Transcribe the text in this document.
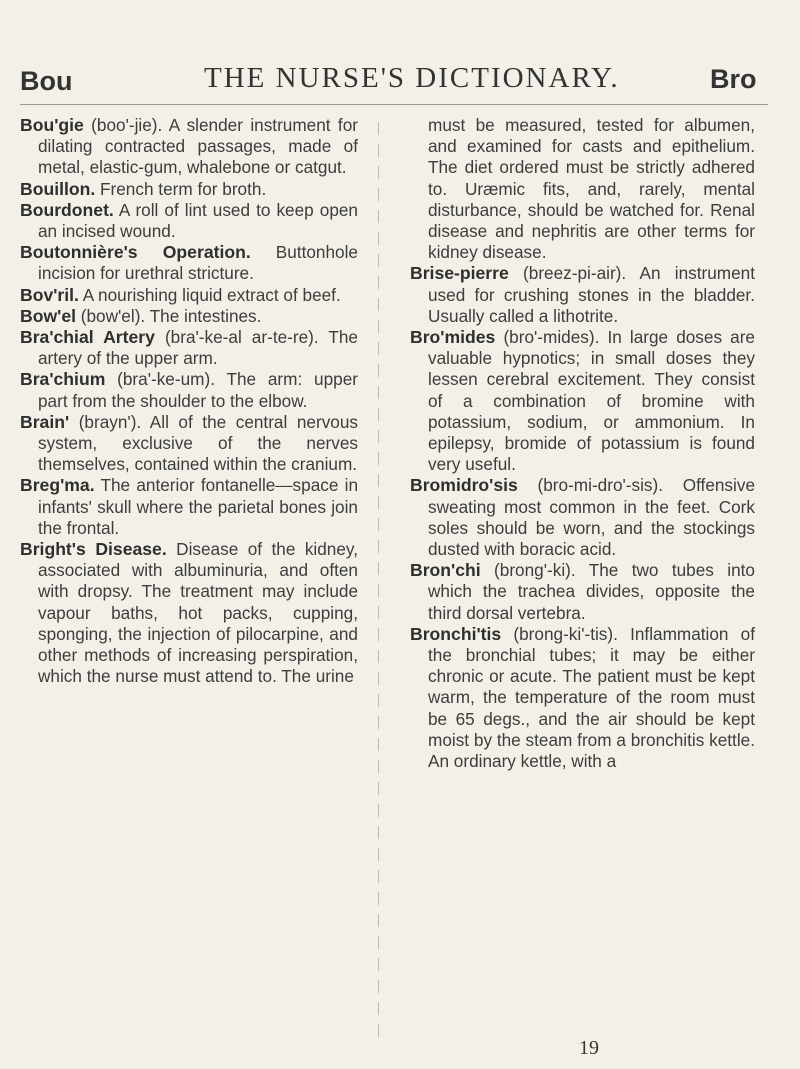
Bou	THE NURSE'S DICTIONARY.	Bro

Bou'gie (boo'-jie). A slender instrument for dilating contracted passages, made of metal, elastic-gum, whalebone or catgut.

Bouillon. French term for broth.

Bourdonet. A roll of lint used to keep open an incised wound.

Boutonnière's Operation. Buttonhole incision for urethral stricture.

Bov'ril. A nourishing liquid extract of beef.

Bow'el (bow'el). The intestines.

Bra'chial Artery (bra'-ke-al ar-te-re). The artery of the upper arm.

Bra'chium (bra'-ke-um). The arm: upper part from the shoulder to the elbow.

Brain' (brayn'). All of the central nervous system, exclusive of the nerves themselves, contained within the cranium.

Breg'ma. The anterior fontanelle—space in infants' skull where the parietal bones join the frontal.

Bright's Disease. Disease of the kidney, associated with albuminuria, and often with dropsy. The treatment may include vapour baths, hot packs, cupping, sponging, the injection of pilocarpine, and other methods of increasing perspiration, which the nurse must attend to. The urine

must be measured, tested for albumen, and examined for casts and epithelium. The diet ordered must be strictly adhered to. Uræmic fits, and, rarely, mental disturbance, should be watched for. Renal disease and nephritis are other terms for kidney disease.

Brise-pierre (breez-pi-air). An instrument used for crushing stones in the bladder. Usually called a lithotrite.

Bro'mides (bro'-mides). In large doses are valuable hypnotics; in small doses they lessen cerebral excitement. They consist of a combination of bromine with potassium, sodium, or ammonium. In epilepsy, bromide of potassium is found very useful.

Bromidro'sis (bro-mi-dro'-sis). Offensive sweating most common in the feet. Cork soles should be worn, and the stockings dusted with boracic acid.

Bron'chi (brong'-ki). The two tubes into which the trachea divides, opposite the third dorsal vertebra.

Bronchi'tis (brong-ki'-tis). Inflammation of the bronchial tubes; it may be either chronic or acute. The patient must be kept warm, the temperature of the room must be 65 degs., and the air should be kept moist by the steam from a bronchitis kettle. An ordinary kettle, with a

19
